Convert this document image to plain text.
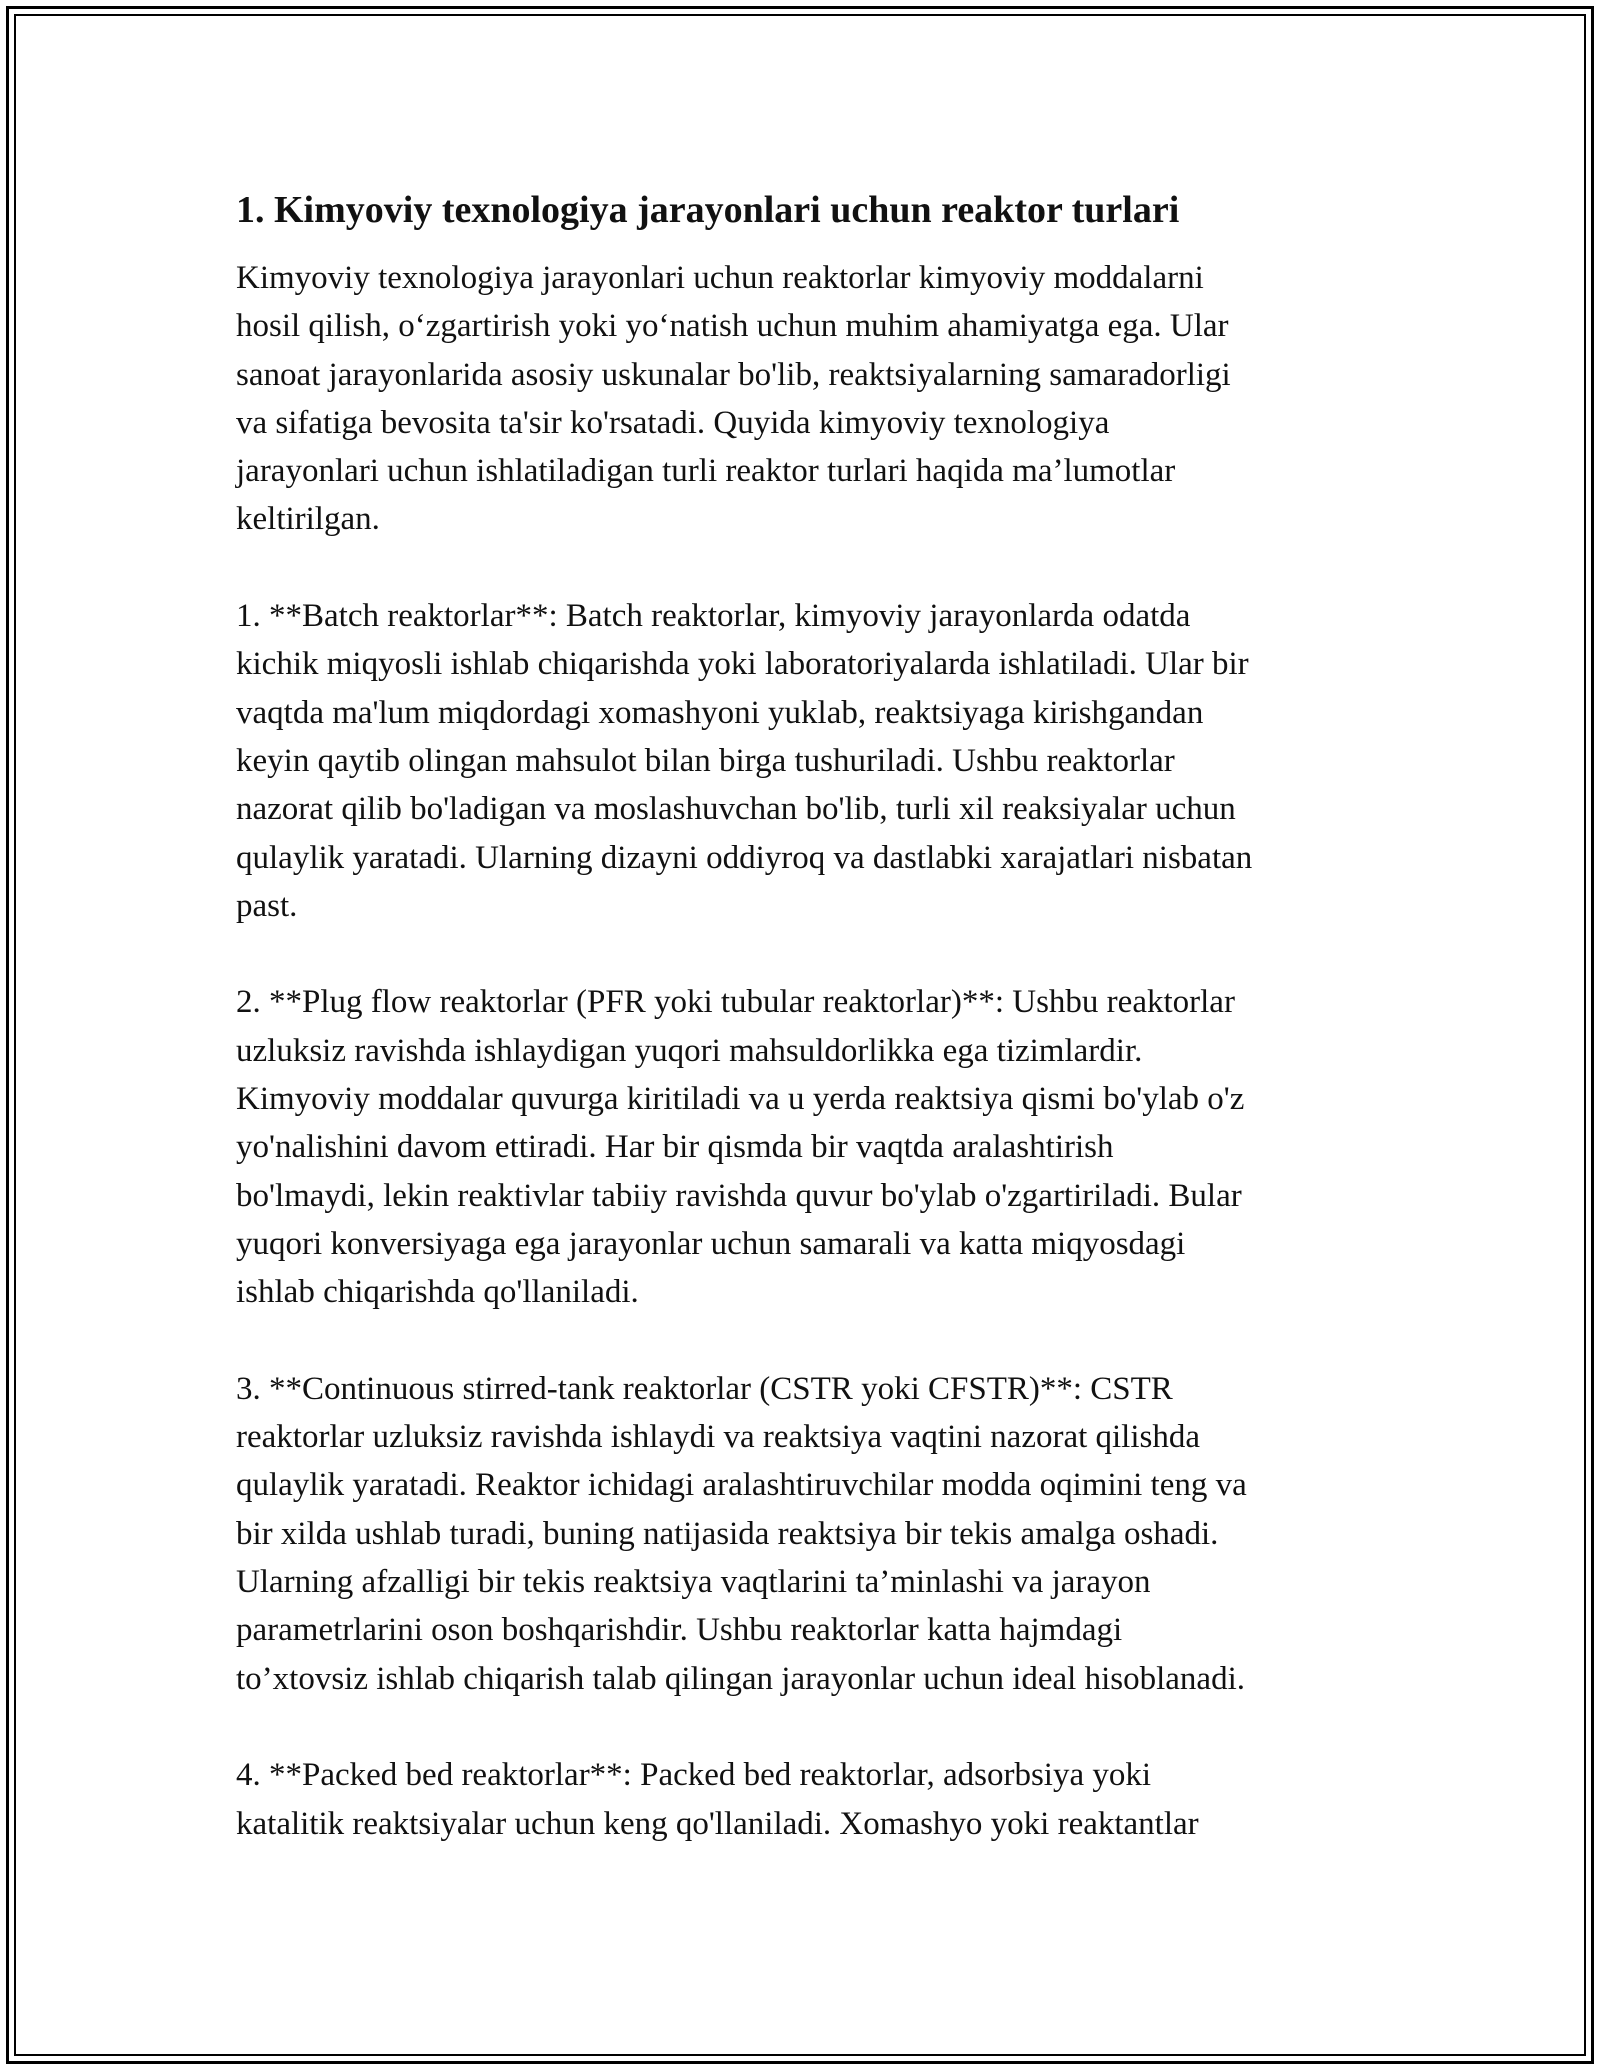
1. Kimyoviy texnologiya jarayonlari uchun reaktor turlari

Kimyoviy texnologiya jarayonlari uchun reaktorlar kimyoviy moddalarni
hosil qilish, o‘zgartirish yoki yo‘natish uchun muhim ahamiyatga ega. Ular
sanoat jarayonlarida asosiy uskunalar bo'lib, reaktsiyalarning samaradorligi
va sifatiga bevosita ta'sir ko'rsatadi. Quyida kimyoviy texnologiya
jarayonlari uchun ishlatiladigan turli reaktor turlari haqida ma’lumotlar
keltirilgan.

1. **Batch reaktorlar**: Batch reaktorlar, kimyoviy jarayonlarda odatda
kichik miqyosli ishlab chiqarishda yoki laboratoriyalarda ishlatiladi. Ular bir
vaqtda ma'lum miqdordagi xomashyoni yuklab, reaktsiyaga kirishgandan
keyin qaytib olingan mahsulot bilan birga tushuriladi. Ushbu reaktorlar
nazorat qilib bo'ladigan va moslashuvchan bo'lib, turli xil reaksiyalar uchun
qulaylik yaratadi. Ularning dizayni oddiyroq va dastlabki xarajatlari nisbatan
past.

2. **Plug flow reaktorlar (PFR yoki tubular reaktorlar)**: Ushbu reaktorlar
uzluksiz ravishda ishlaydigan yuqori mahsuldorlikka ega tizimlardir.
Kimyoviy moddalar quvurga kiritiladi va u yerda reaktsiya qismi bo'ylab o'z
yo'nalishini davom ettiradi. Har bir qismda bir vaqtda aralashtirish
bo'lmaydi, lekin reaktivlar tabiiy ravishda quvur bo'ylab o'zgartiriladi. Bular
yuqori konversiyaga ega jarayonlar uchun samarali va katta miqyosdagi
ishlab chiqarishda qo'llaniladi.

3. **Continuous stirred-tank reaktorlar (CSTR yoki CFSTR)**: CSTR
reaktorlar uzluksiz ravishda ishlaydi va reaktsiya vaqtini nazorat qilishda
qulaylik yaratadi. Reaktor ichidagi aralashtiruvchilar modda oqimini teng va
bir xilda ushlab turadi, buning natijasida reaktsiya bir tekis amalga oshadi.
Ularning afzalligi bir tekis reaktsiya vaqtlarini ta’minlashi va jarayon
parametrlarini oson boshqarishdir. Ushbu reaktorlar katta hajmdagi
to’xtovsiz ishlab chiqarish talab qilingan jarayonlar uchun ideal hisoblanadi.

4. **Packed bed reaktorlar**: Packed bed reaktorlar, adsorbsiya yoki
katalitik reaktsiyalar uchun keng qo'llaniladi. Xomashyo yoki reaktantlar
